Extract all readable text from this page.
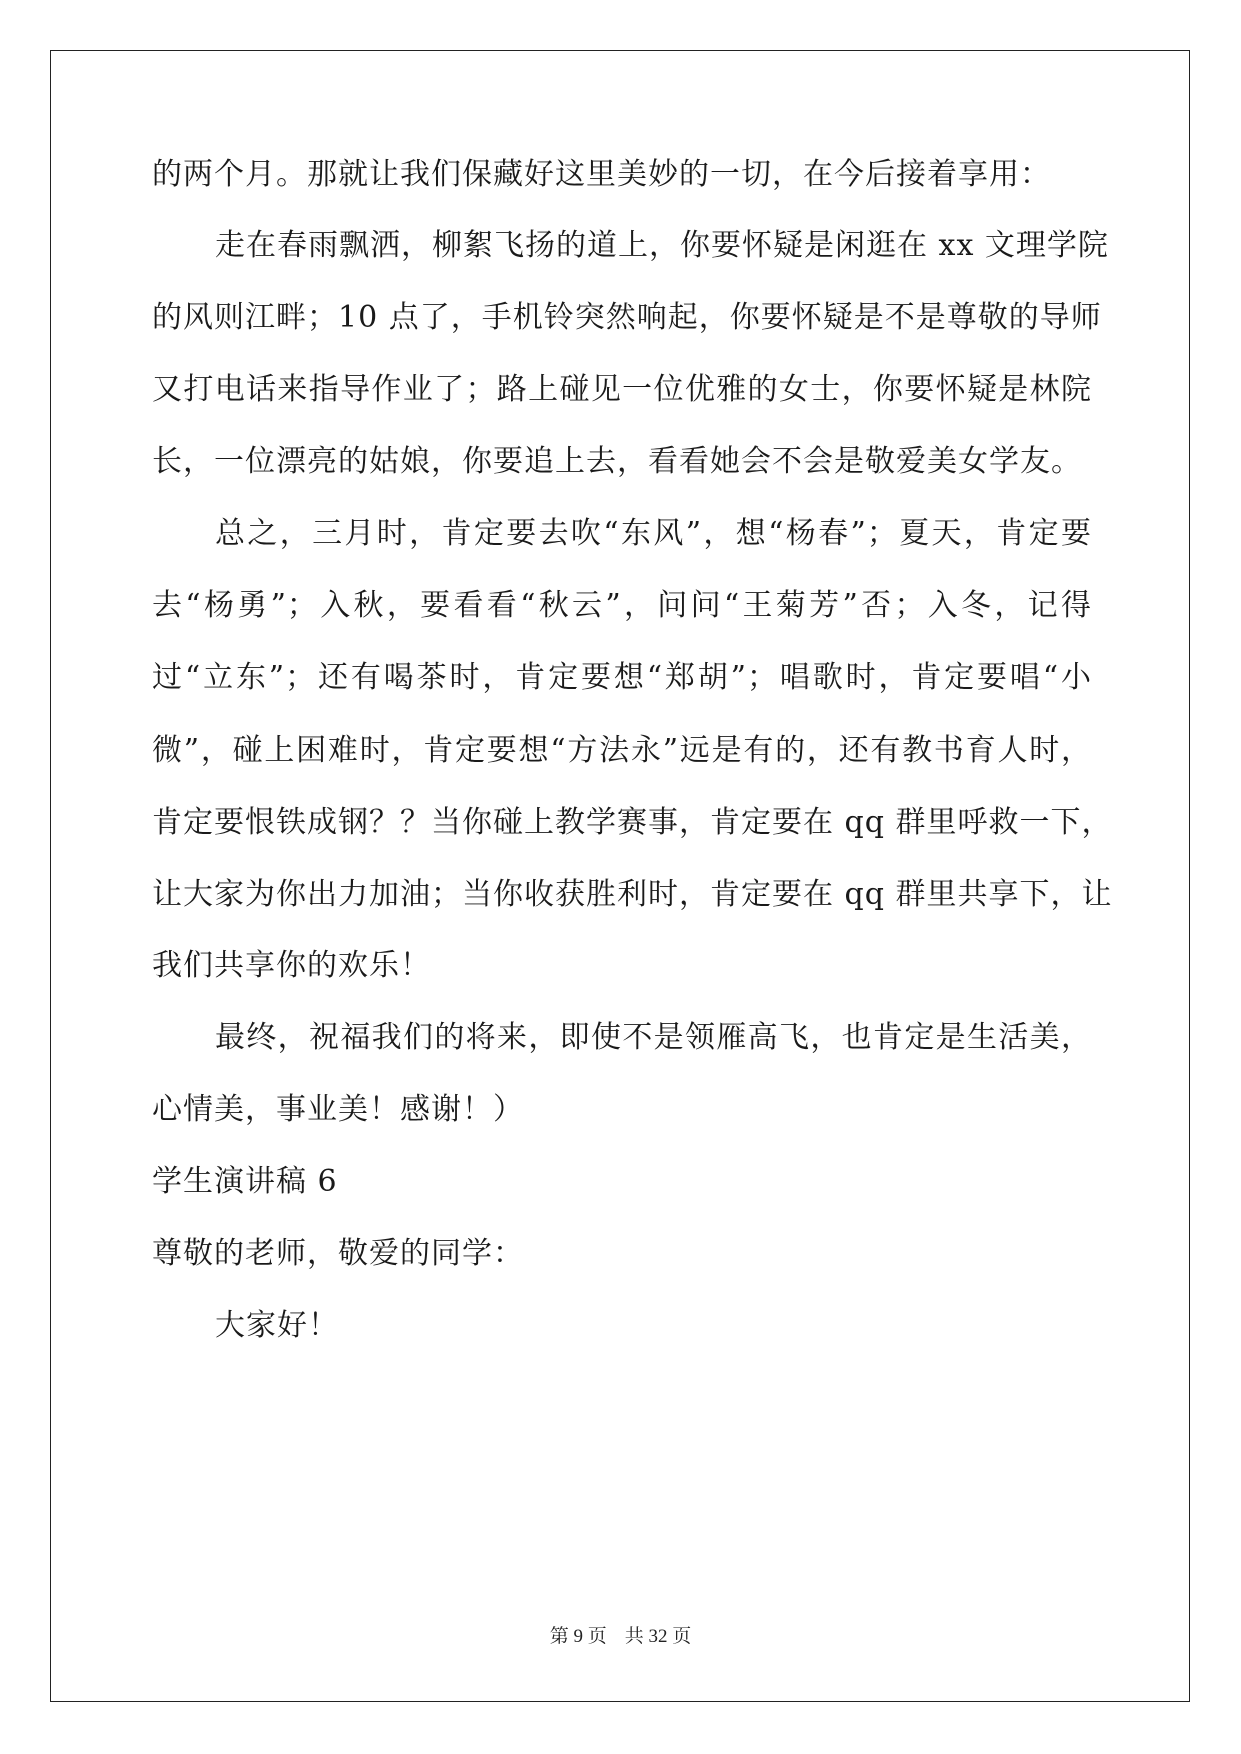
的两个月。那就让我们保藏好这里美妙的一切，在今后接着享用：
走在春雨飘洒，柳絮飞扬的道上，你要怀疑是闲逛在 xx 文理学院
的风则江畔；10 点了，手机铃突然响起，你要怀疑是不是尊敬的导师
又打电话来指导作业了；路上碰见一位优雅的女士，你要怀疑是林院
长，一位漂亮的姑娘，你要追上去，看看她会不会是敬爱美女学友。
总之，三月时，肯定要去吹“东风”，想“杨春”；夏天，肯定要
去“杨勇”；入秋，要看看“秋云”，问问“王菊芳”否；入冬，记得
过“立东”；还有喝茶时，肯定要想“郑胡”；唱歌时，肯定要唱“小
微”，碰上困难时，肯定要想“方法永”远是有的，还有教书育人时，
肯定要恨铁成钢？？当你碰上教学赛事，肯定要在 qq 群里呼救一下，
让大家为你出力加油；当你收获胜利时，肯定要在 qq 群里共享下，让
我们共享你的欢乐！
最终，祝福我们的将来，即使不是领雁高飞，也肯定是生活美，
心情美，事业美！感谢！）
学生演讲稿 6
尊敬的老师，敬爱的同学：
大家好！
第 9 页 共 32 页
